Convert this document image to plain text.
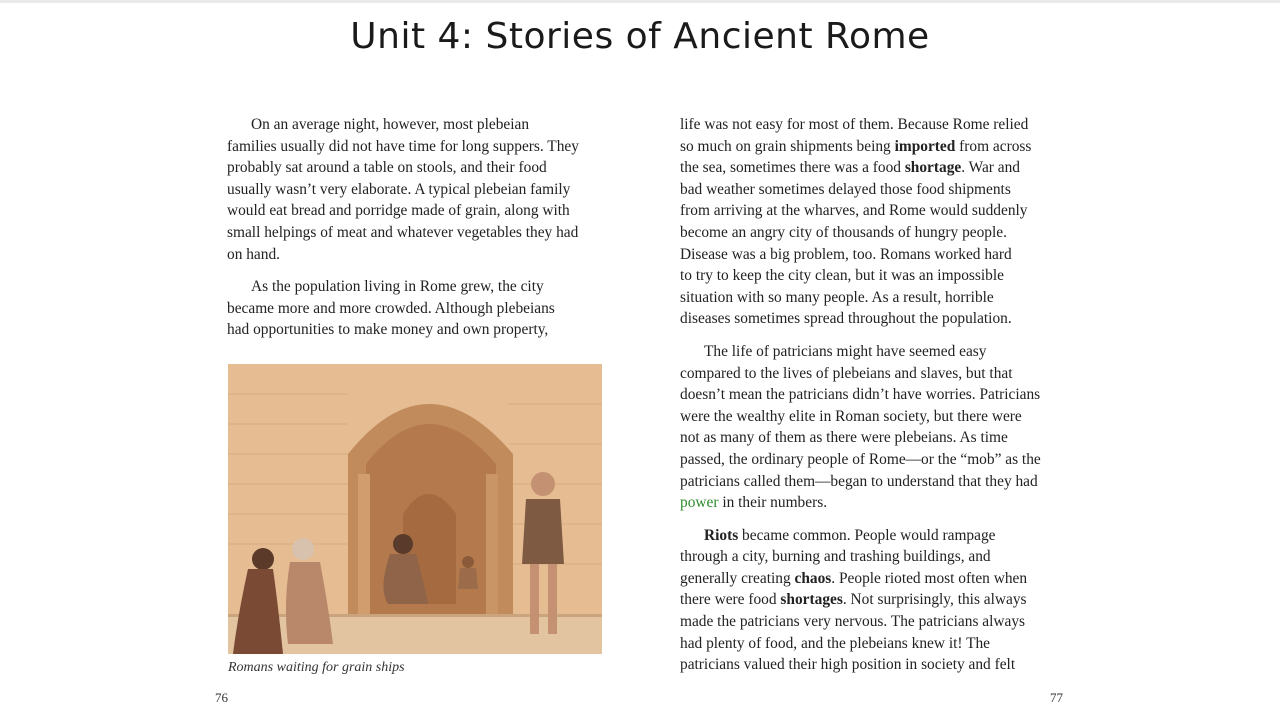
Unit 4: Stories of Ancient Rome

On an average night, however, most plebeian
families usually did not have time for long suppers. They
probably sat around a table on stools, and their food
usually wasn’t very elaborate. A typical plebeian family
would eat bread and porridge made of grain, along with
small helpings of meat and whatever vegetables they had
on hand.

As the population living in Rome grew, the city
became more and more crowded. Although plebeians
had opportunities to make money and own property,

Romans waiting for grain ships
76

life was not easy for most of them. Because Rome relied
so much on grain shipments being imported from across
the sea, sometimes there was a food shortage. War and
bad weather sometimes delayed those food shipments
from arriving at the wharves, and Rome would suddenly
become an angry city of thousands of hungry people.
Disease was a big problem, too. Romans worked hard
to try to keep the city clean, but it was an impossible
situation with so many people. As a result, horrible
diseases sometimes spread throughout the population.

The life of patricians might have seemed easy
compared to the lives of plebeians and slaves, but that
doesn’t mean the patricians didn’t have worries. Patricians
were the wealthy elite in Roman society, but there were
not as many of them as there were plebeians. As time
passed, the ordinary people of Rome—or the “mob” as the
patricians called them—began to understand that they had
power in their numbers.

Riots became common. People would rampage
through a city, burning and trashing buildings, and
generally creating chaos. People rioted most often when
there were food shortages. Not surprisingly, this always
made the patricians very nervous. The patricians always
had plenty of food, and the plebeians knew it! The
patricians valued their high position in society and felt

77
